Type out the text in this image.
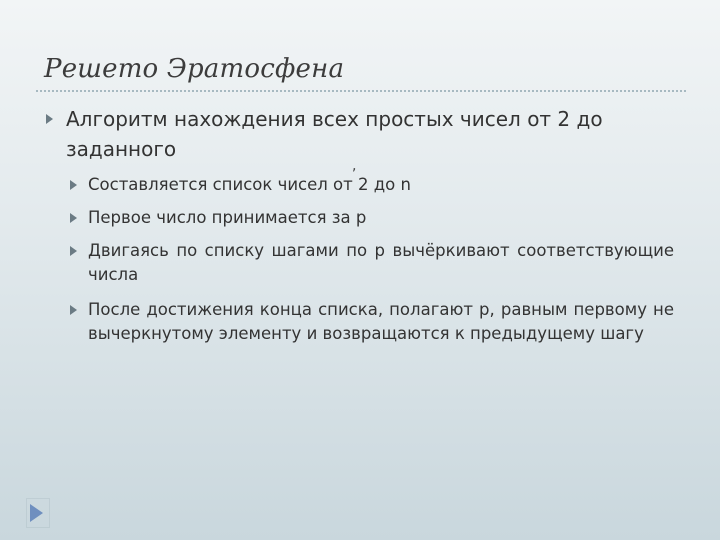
Решето Эратосфена
Алгоритм нахождения всех простых чисел от 2 до заданного
,
Составляется список чисел от 2 до n
Первое число принимается за p
Двигаясь по списку шагами по p вычёркивают соответствующие числа
После достижения конца списка, полагают p, равным первому не вычеркнутому элементу и возвращаются к предыдущему шагу
